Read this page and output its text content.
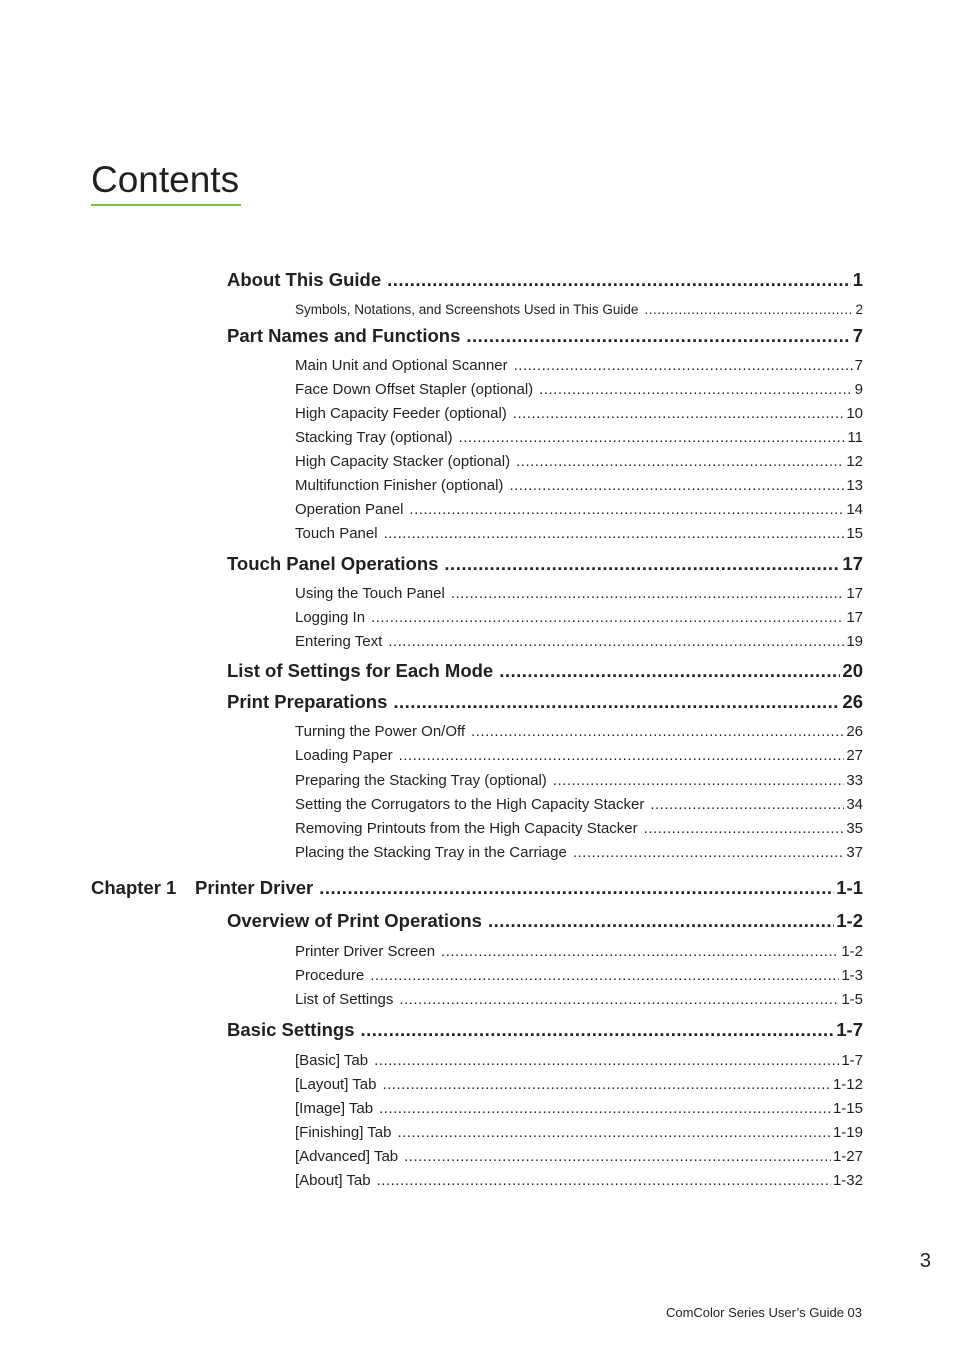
Contents
About This Guide .....	1
Symbols, Notations, and Screenshots Used in This Guide .....	2
Part Names and Functions .....	7
Main Unit and Optional Scanner .....	7
Face Down Offset Stapler (optional) .....	9
High Capacity Feeder (optional) .....	10
Stacking Tray (optional) .....	11
High Capacity Stacker (optional) .....	12
Multifunction Finisher (optional) .....	13
Operation Panel .....	14
Touch Panel .....	15
Touch Panel Operations .....	17
Using the Touch Panel .....	17
Logging In .....	17
Entering Text .....	19
List of Settings for Each Mode .....	20
Print Preparations .....	26
Turning the Power On/Off .....	26
Loading Paper .....	27
Preparing the Stacking Tray (optional) .....	33
Setting the Corrugators to the High Capacity Stacker .....	34
Removing Printouts from the High Capacity Stacker .....	35
Placing the Stacking Tray in the Carriage .....	37
Chapter 1 Printer Driver .....	1-1
Overview of Print Operations .....	1-2
Printer Driver Screen .....	1-2
Procedure .....	1-3
List of Settings .....	1-5
Basic Settings .....	1-7
[Basic] Tab .....	1-7
[Layout] Tab .....	1-12
[Image] Tab .....	1-15
[Finishing] Tab .....	1-19
[Advanced] Tab .....	1-27
[About] Tab .....	1-32
3
ComColor Series User’s Guide 03
